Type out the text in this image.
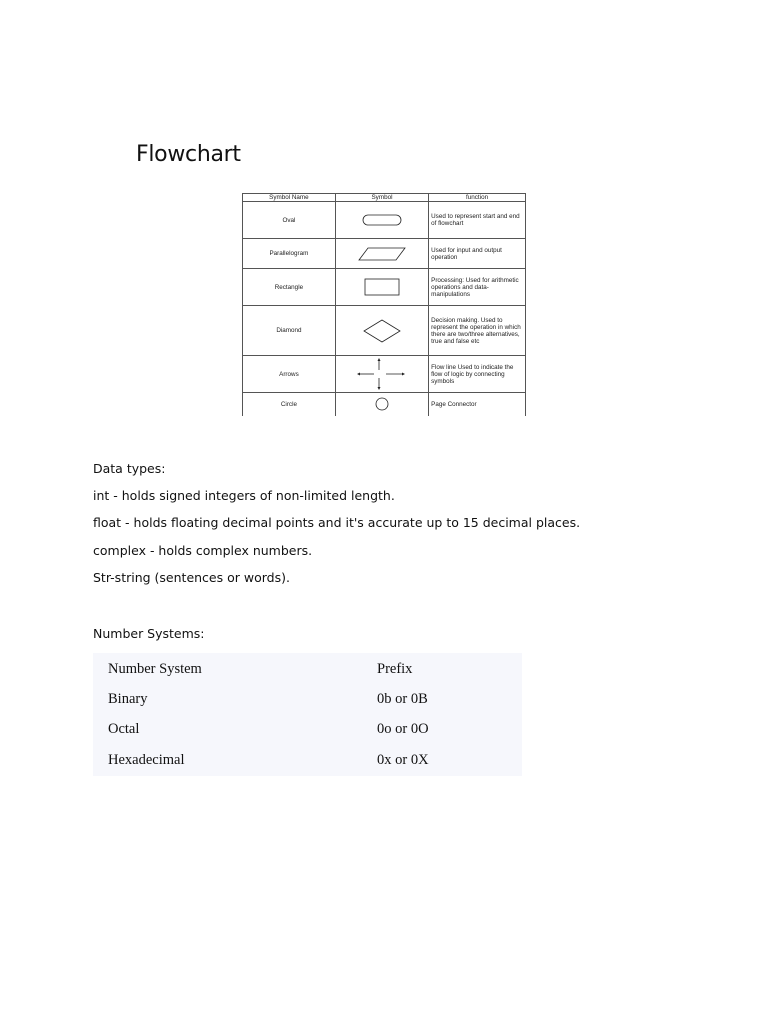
Flowchart
Symbol Name	Symbol	function
Oval		Used to represent start and end of flowchart
Parallelogram		Used for input and output operation
Rectangle		Processing: Used for arithmetic operations and data-manipulations
Diamond		Decision making. Used to represent the operation in which there are two/three alternatives, true and false etc
Arrows		Flow line Used to indicate the flow of logic by connecting symbols
Circle		Page Connector
Data types:
int - holds signed integers of non-limited length.
float - holds floating decimal points and it's accurate up to 15 decimal places.
complex - holds complex numbers.
Str-string (sentences or words).
Number Systems:
Number System	Prefix
Binary	0b or 0B
Octal	0o or 0O
Hexadecimal	0x or 0X
